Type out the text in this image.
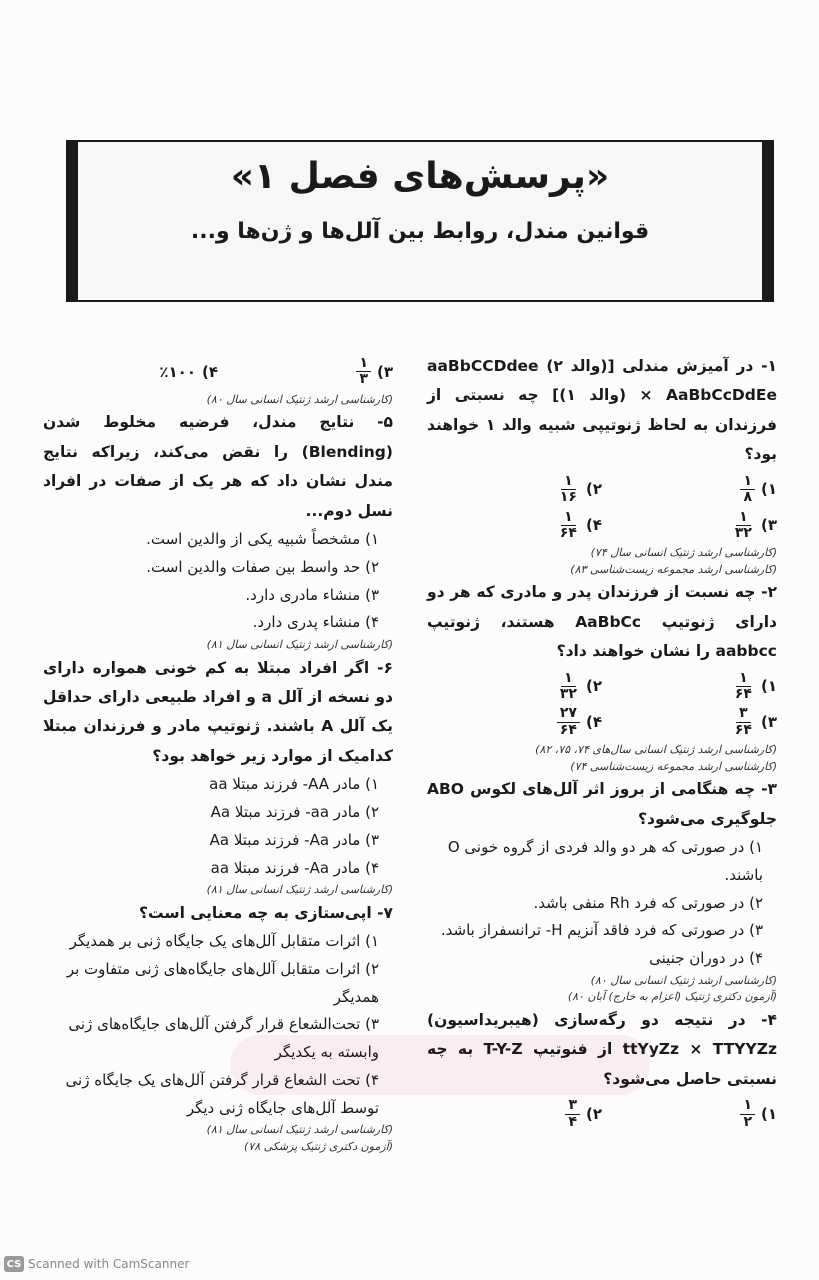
«پرسش‌های فصل ۱»
قوانین مندل، روابط بین آلل‌ها و ژن‌ها و...
۱- در آمیزش مندلی [(والد ۲) aaBbCCDdee × AaBbCcDdEe (والد ۱)] چه نسبتی از فرزندان به لحاظ ژنوتیپی شبیه والد ۱ خواهند بود؟
۱)
$\frac{۱}{۸}$
۲)
$\frac{۱}{۱۶}$
۳)
$\frac{۱}{۳۲}$
۴)
$\frac{۱}{۶۴}$
(کارشناسی ارشد ژنتیک انسانی سال ۷۴)
(کارشناسی ارشد مجموعه زیست‌شناسی ۸۳)
۲- چه نسبت از فرزندان پدر و مادری که هر دو دارای ژنوتیپ AaBbCc هستند، ژنوتیپ aabbcc را نشان خواهند داد؟
۱)
$\frac{۱}{۶۴}$
۲)
$\frac{۱}{۳۲}$
۳)
$\frac{۳}{۶۴}$
۴)
$\frac{۲۷}{۶۴}$
(کارشناسی ارشد ژنتیک انسانی سال‌های ۷۴، ۷۵، ۸۲)
(کارشناسی ارشد مجموعه زیست‌شناسی ۷۴)
۳- چه هنگامی از بروز اثر آلل‌های لکوس ABO جلوگیری می‌شود؟
۱) در صورتی که هر دو والد فردی از گروه خونی O باشند.
۲) در صورتی که فرد Rh منفی باشد.
۳) در صورتی که فرد فاقد آنزیم H- ترانسفراز باشد.
۴) در دوران جنینی
(کارشناسی ارشد ژنتیک انسانی سال ۸۰)
(آزمون دکتری ژنتیک (اعزام به خارج) آبان ۸۰)
۴- در نتیجه دو رگه‌سازی (هیبریداسیون) ttYyZz × TTYYZz از فنوتیپ T-Y-Z به چه نسبتی حاصل می‌شود؟
۱)
$\frac{۱}{۲}$
۲)
$\frac{۳}{۴}$
۳)
$\frac{۱}{۳}$
۴)
٪۱۰۰
(کارشناسی ارشد ژنتیک انسانی سال ۸۰)
۵- نتایج مندل، فرضیه مخلوط شدن (Blending) را نقض می‌کند، زیراکه نتایج مندل نشان داد که هر یک از صفات در افراد نسل دوم...
۱) مشخصاً شبیه یکی از والدین است.
۲) حد واسط بین صفات والدین است.
۳) منشاء مادری دارد.
۴) منشاء پدری دارد.
(کارشناسی ارشد ژنتیک انسانی سال ۸۱)
۶- اگر افراد مبتلا به کم خونی همواره دارای دو نسخه از آلل a و افراد طبیعی دارای حداقل یک آلل A باشند. ژنوتیپ مادر و فرزندان مبتلا کدامیک از موارد زیر خواهد بود؟
۱) مادر AA- فرزند مبتلا aa
۲) مادر aa- فرزند مبتلا Aa
۳) مادر Aa- فرزند مبتلا Aa
۴) مادر Aa- فرزند مبتلا aa
(کارشناسی ارشد ژنتیک انسانی سال ۸۱)
۷- اپی‌ستازی به چه معنایی است؟
۱) اثرات متقابل آلل‌های یک جایگاه ژنی بر همدیگر
۲) اثرات متقابل آلل‌های جایگاه‌های ژنی متفاوت بر همدیگر
۳) تحت‌الشعاع قرار گرفتن آلل‌های جایگاه‌های ژنی وابسته به یکدیگر
۴) تحت الشعاع قرار گرفتن آلل‌های یک جایگاه ژنی توسط آلل‌های جایگاه ژنی دیگر
(کارشناسی ارشد ژنتیک انسانی سال ۸۱)
(آزمون دکتری ژنتیک پزشکی ۷۸)
CS Scanned with CamScanner
